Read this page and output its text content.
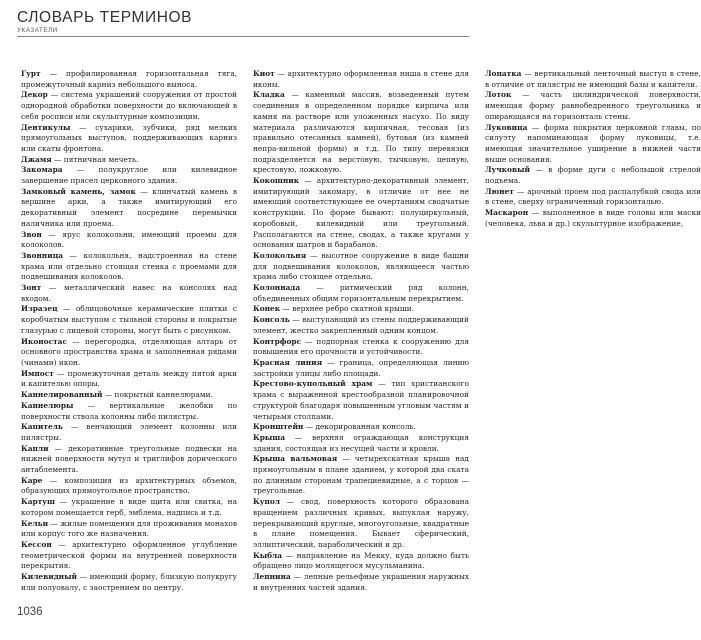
СЛОВАРЬ ТЕРМИНОВ
УКАЗАТЕЛИ

Гурт — профилированная горизонтальная тяга, промежуточный карниз небольшого выноса.

Декор — система украшений сооружения от простой однородной обработки поверхности до включающей в себя росписи или скульптурные композиции.

Дентикулы — сухарики, зубчики, ряд мелких прямоугольных выступов, поддерживающих карниз или скаты фронтона.

Джамя — пятничная мечеть.

Закомара — полукруглое или килевидное завершение прясел церковного здания.

Замковый камень, замок — клинчатый камень в вершине арки, а также имитирующий его декоративный элемент посредине перемычки наличника или проема.

Звон — ярус колокольни, имеющий проемы для колоколов.

Звонница — колокольня, надстроенная на стене храма или отдельно стоящая стенка с проемами для подвешивания колоколов.

Зонт — металлический навес на консолях над входом.

Изразец — облицовочные керамические плитки с коробчатым выступом с тыльной стороны и покрытые глазурью с лицевой стороны, могут быть с рисунком.

Иконостас — перегородка, отделяющая алтарь от основного пространства храма и заполненная рядами (чинами) икон.

Импост — промежуточная деталь между пятой арки и капителью опоры.

Каннелированный — покрытый каннелюрами.

Каннелюры — вертикальные желобки по поверхности ствола колонны либо пилястры.

Капитель — венчающий элемент колонны или пилястры.

Капли — декоративные треугольные подвески на нижней поверхности мутул и триглифов дорического антаблемента.

Каре — композиция из архитектурных объемов, образующих прямоугольное пространство.

Картуш — украшение в виде щита или свитка, на котором помещается герб, эмблема, надпись и т.д.

Кельи — жилые помещения для проживания монахов или корпус того же назначения.

Кессон — архитектурно оформленное углубление геометрической формы на внутренней поверхности перекрытия.

Килевидный — имеющий форму, близкую полукругу или полуовалу, с заострением по центру.

Киот — архитектурно оформленная ниша в стене для иконы.

Кладка — каменный массив, возведенный путем соединения в определенном порядке кирпича или камня на растворе или уложенных насухо. По виду материала различаются кирпичная, тесовая (из правильно отесанных камней), бутовая (из камней непра-вильной формы) и т.д. По типу перевязки подразделяется на верстовую, тычковую, цепную, крестовую, ложковую.

Кокошник — архитектурно-декоративный элемент, имитирующий закомару, в отличие от нее не имеющий соответствующее ее очертаниям сводчатые конструкции. По форме бывают: полуциркульный, коробовый, килевидный или треугольный. Располагаются на стене, сводах, а также кругами у основания шатров и барабанов.

Колокольня — высотное сооружение в виде башни для подвешивания колоколов, являющееся частью храма либо стоящее отдельно.

Колоннада — ритмический ряд колонн, объединенных общим горизонтальным перекрытием.

Конек — верхнее ребро скатной крыши.

Консоль — выступающий из стены поддерживающий элемент, жестко закрепленный одним концом.

Контрфорс — подпорная стенка к сооружению для повышения его прочности и устойчивости.

Красная линия — граница, определяющая линию застройки улицы либо площади.

Крестово-купольный храм — тип христианского храма с выраженной крестообразной планировочной структурой благодаря повышенным угловым частям и четырьмя столпами.

Кронштейн — декорированная консоль.

Крыша — верхняя ограждающая конструкция здания, состоящая из несущей части и кровли.

Крыша вальмовая — четырехскатная крыша над прямоугольным в плане зданием, у которой два ската по длинным сторонам трапециевидные, а с торцов — треугольные.

Купол — свод, поверхность которого образована вращением различных кривых, выпуклая наружу, перекрывающий круглые, многоугольные, квадратные в плане помещения. Бывает сферический, эллиптический, параболический и др.

Кыбла — направление на Мекку, куда должно быть обращено лицо молящегося мусульманина.

Лепнина — лепные рельефные украшения наружных и внутренних частей здания.

Лопатка — вертикальный ленточный выступ в стене, в отличие от пилястры не имеющий базы и капители.

Лоток — часть цилиндрической поверхности, имеющая форму равнобедренного треугольника и опирающаяся на горизонталь стены.

Луковица — форма покрытия церковной главы, по силуэту напоминающая форму луковицы, т.е. имеющая значительное уширение в нижней части выше основания.

Лучковый — в форме дуги с небольшой стрелой подъема.

Люнет — арочный проем под распалубкой свода или в стене, сверху ограниченный горизонталью.

Маскарон — выполненное в виде головы или маски (человека, льва и др.) скульптурное изображение,

1036
